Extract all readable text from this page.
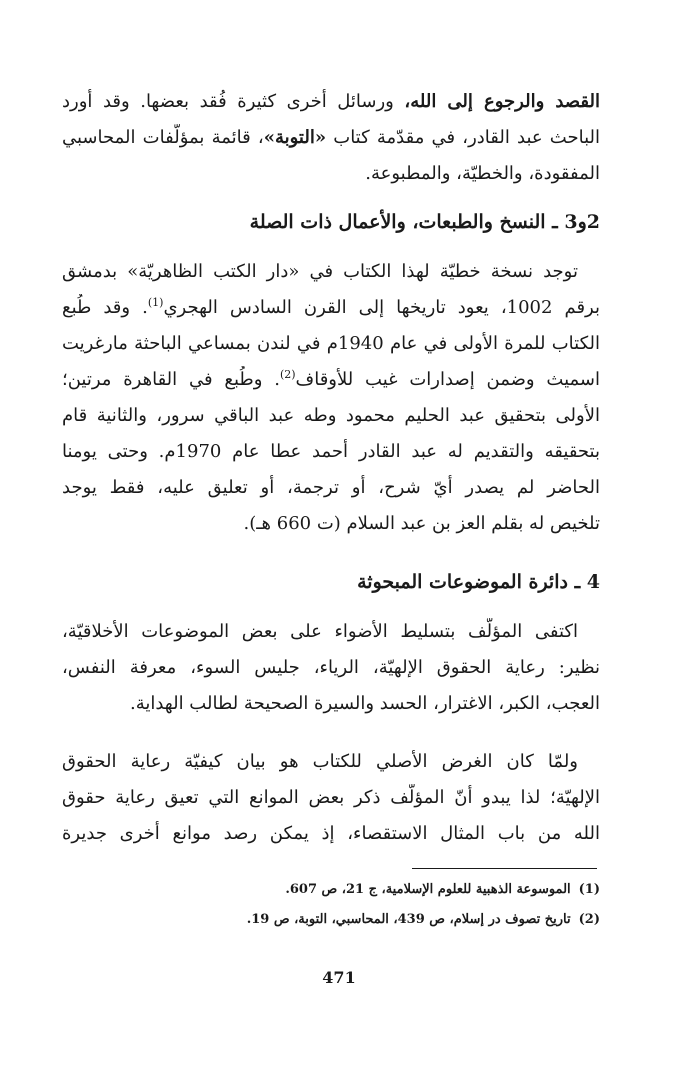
القصد والرجوع إلى الله، ورسائل أخرى كثيرة فُقد بعضها. وقد أورد
الباحث عبد القادر، في مقدّمة كتاب «التوبة»، قائمة بمؤلّفات المحاسبي
المفقودة، والخطيّة، والمطبوعة.
2و3 ـ النسخ والطبعات، والأعمال ذات الصلة
توجد نسخة خطيّة لهذا الكتاب في «دار الكتب الظاهريّة» بدمشق
برقم 1002، يعود تاريخها إلى القرن السادس الهجري$^{(1)}$. وقد طُبع
الكتاب للمرة الأولى في عام 1940م في لندن بمساعي الباحثة مارغريت
اسميث وضمن إصدارات غيب للأوقاف$^{(2)}$. وطُبع في القاهرة مرتين؛
الأولى بتحقيق عبد الحليم محمود وطه عبد الباقي سرور، والثانية قام
بتحقيقه والتقديم له عبد القادر أحمد عطا عام 1970م. وحتى يومنا
الحاضر لم يصدر أيّ شرح، أو ترجمة، أو تعليق عليه، فقط يوجد
تلخيص له بقلم العز بن عبد السلام (ت 660 هـ).
4 ـ دائرة الموضوعات المبحوثة
اكتفى المؤلّف بتسليط الأضواء على بعض الموضوعات الأخلاقيّة،
نظير: رعاية الحقوق الإلهيّة، الرياء، جليس السوء، معرفة النفس،
العجب، الكبر، الاغترار، الحسد والسيرة الصحيحة لطالب الهداية.
ولمّا كان الغرض الأصلي للكتاب هو بيان كيفيّة رعاية الحقوق
الإلهيّة؛ لذا يبدو أنّ المؤلّف ذكر بعض الموانع التي تعيق رعاية حقوق
الله من باب المثال الاستقصاء، إذ يمكن رصد موانع أخرى جديرة
(1)الموسوعة الذهبية للعلوم الإسلامية، ج 21، ص 607.
(2)تاريخ تصوف در إسلام، ص 439، المحاسبي، التوبة، ص 19.
471
